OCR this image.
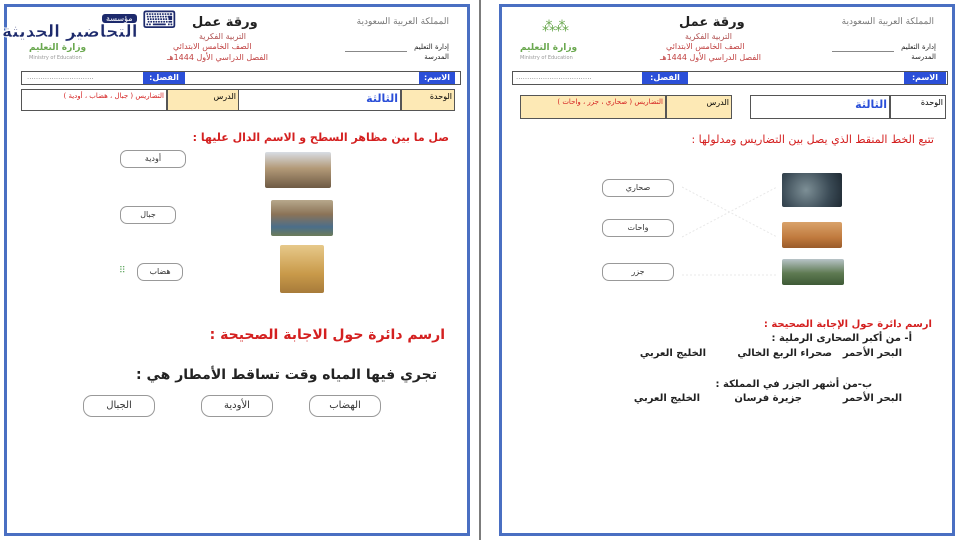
المملكة العربية السعودية
إدارة التعليم
المدرسة
ورقة عمل
التربية الفكرية
الصف الخامس الابتدائي
الفصل الدراسي الأول 1444هـ
وزارة التعليم
Ministry of Education
الاسم:
الفصل:
..............................
الوحدة
الثالثة
الدرس
التضاريس ( جبال ، هضاب ، أودية )
صل ما بين مظاهر السطح و الاسم الدال عليها :
أودية
جبال
هضاب
⠿
ارسم دائرة حول الاجابة الصحيحة :
تجري فيها المياه وقت تساقط الأمطار هي :
الهضاب
الأودية
الجبال
⌨
مؤسسة
التحاضير الحديثة	المملكة العربية السعودية
إدارة التعليم
المدرسة
ورقة عمل
التربية الفكرية
الصف الخامس الابتدائي
الفصل الدراسي الأول 1444هـ
⁂⁂
وزارة التعليم
Ministry of Education
الاسم:
الفصل:
..................................
الوحدة
الثالثة
الدرس
التضاريس ( صحاري ، جزر ، واحات )
تتبع الخط المنقط الذي يصل بين التضاريس ومدلولها :
صحاري
واحات
جزر
ارسم دائرة حول الإجابة الصحيحة :
أ- من أكبر الصحارى الرملية :
البحر الأحمر
صحراء الربع الخالي
الخليج العربي
ب-من أشهر الجزر في المملكة :
البحر الأحمر
جزيرة فرسان
الخليج العربي
